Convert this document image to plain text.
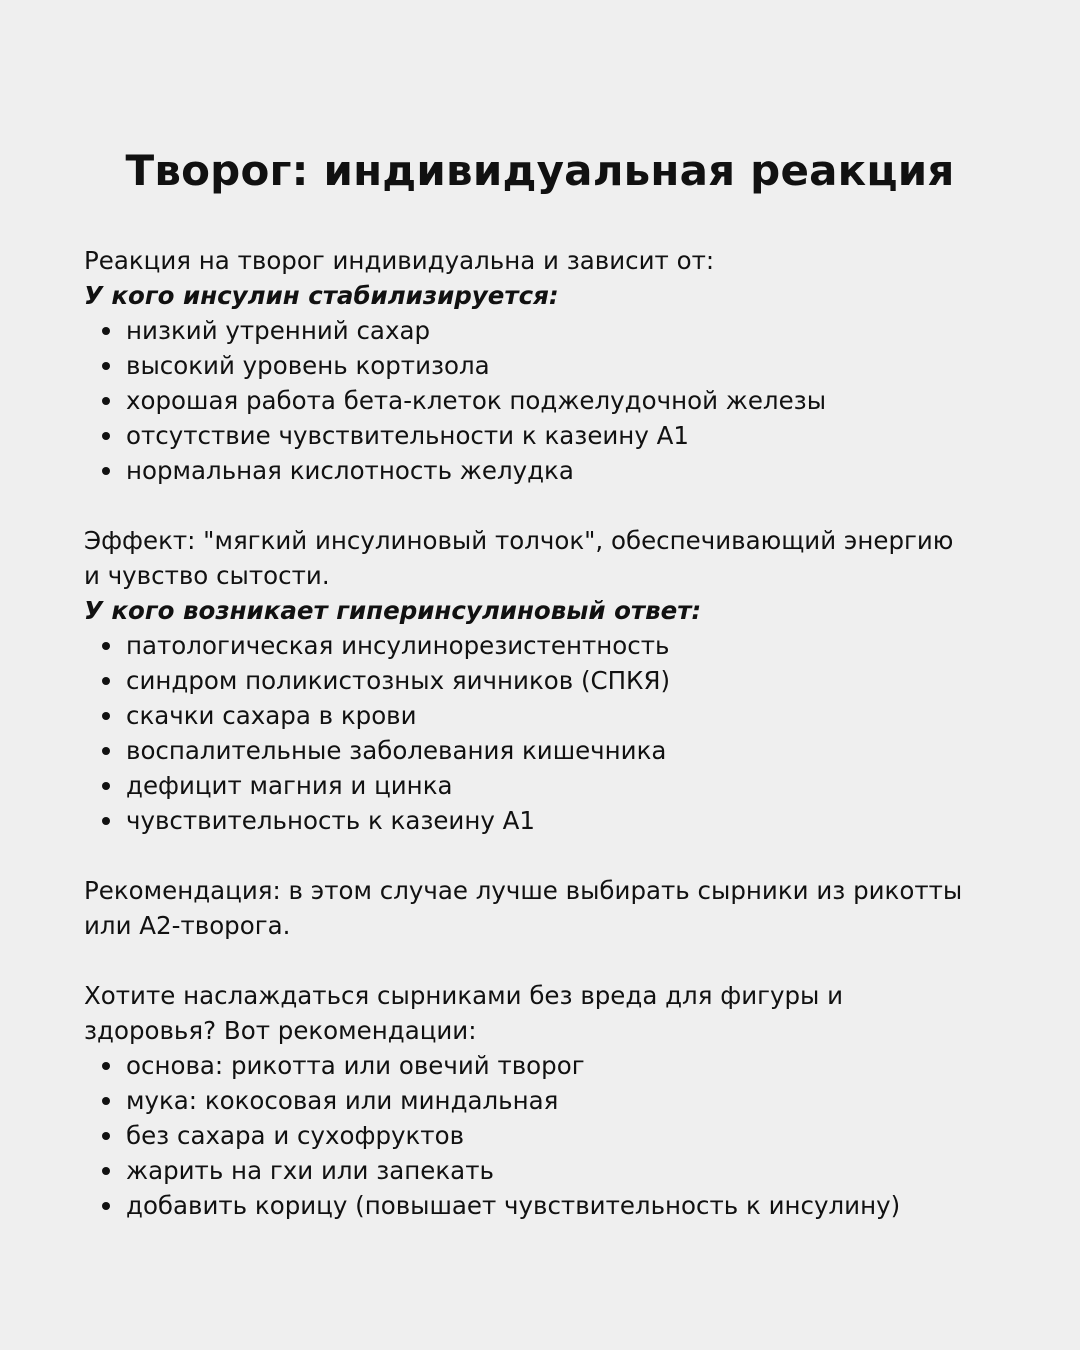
Творог: индивидуальная реакция

Реакция на творог индивидуальна и зависит от:

У кого инсулин стабилизируется:

низкий утренний сахар
высокий уровень кортизола
хорошая работа бета-клеток поджелудочной железы
отсутствие чувствительности к казеину А1
нормальная кислотность желудка

Эффект: "мягкий инсулиновый толчок", обеспечивающий энергию

и чувство сытости.

У кого возникает гиперинсулиновый ответ:

патологическая инсулинорезистентность
синдром поликистозных яичников (СПКЯ)
скачки сахара в крови
воспалительные заболевания кишечника
дефицит магния и цинка
чувствительность к казеину А1

Рекомендация: в этом случае лучше выбирать сырники из рикотты

или А2-творога.

Хотите наслаждаться сырниками без вреда для фигуры и

здоровья? Вот рекомендации:

основа: рикотта или овечий творог
мука: кокосовая или миндальная
без сахара и сухофруктов
жарить на гхи или запекать
добавить корицу (повышает чувствительность к инсулину)
